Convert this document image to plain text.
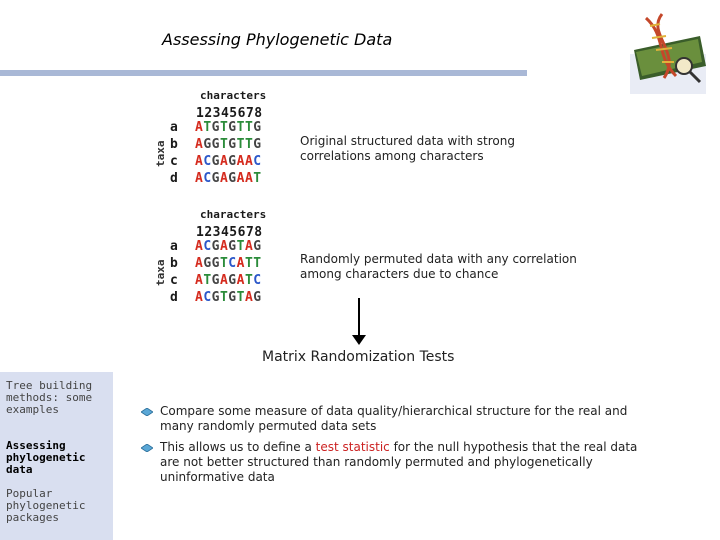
Assessing Phylogenetic Data
characters
12345678
taxa
a ATGTGTTG
b AGGTGTTG
c ACGAGAAC
d ACGAGAAT
Original structured data with strong correlations among characters
characters
12345678
taxa
a ACGAGTAG
b AGGTCATT
c ATGAGATC
d ACGTGTAG
Randomly permuted data with any correlation among characters due to chance
Matrix Randomization Tests
Tree building methods: some examples
Assessing phylogenetic data
Popular phylogenetic packages
Compare some measure of data quality/hierarchical structure for the real and many randomly permuted data sets
This allows us to define a test statistic for the null hypothesis that the real data are not better structured than randomly permuted and phylogenetically uninformative data
